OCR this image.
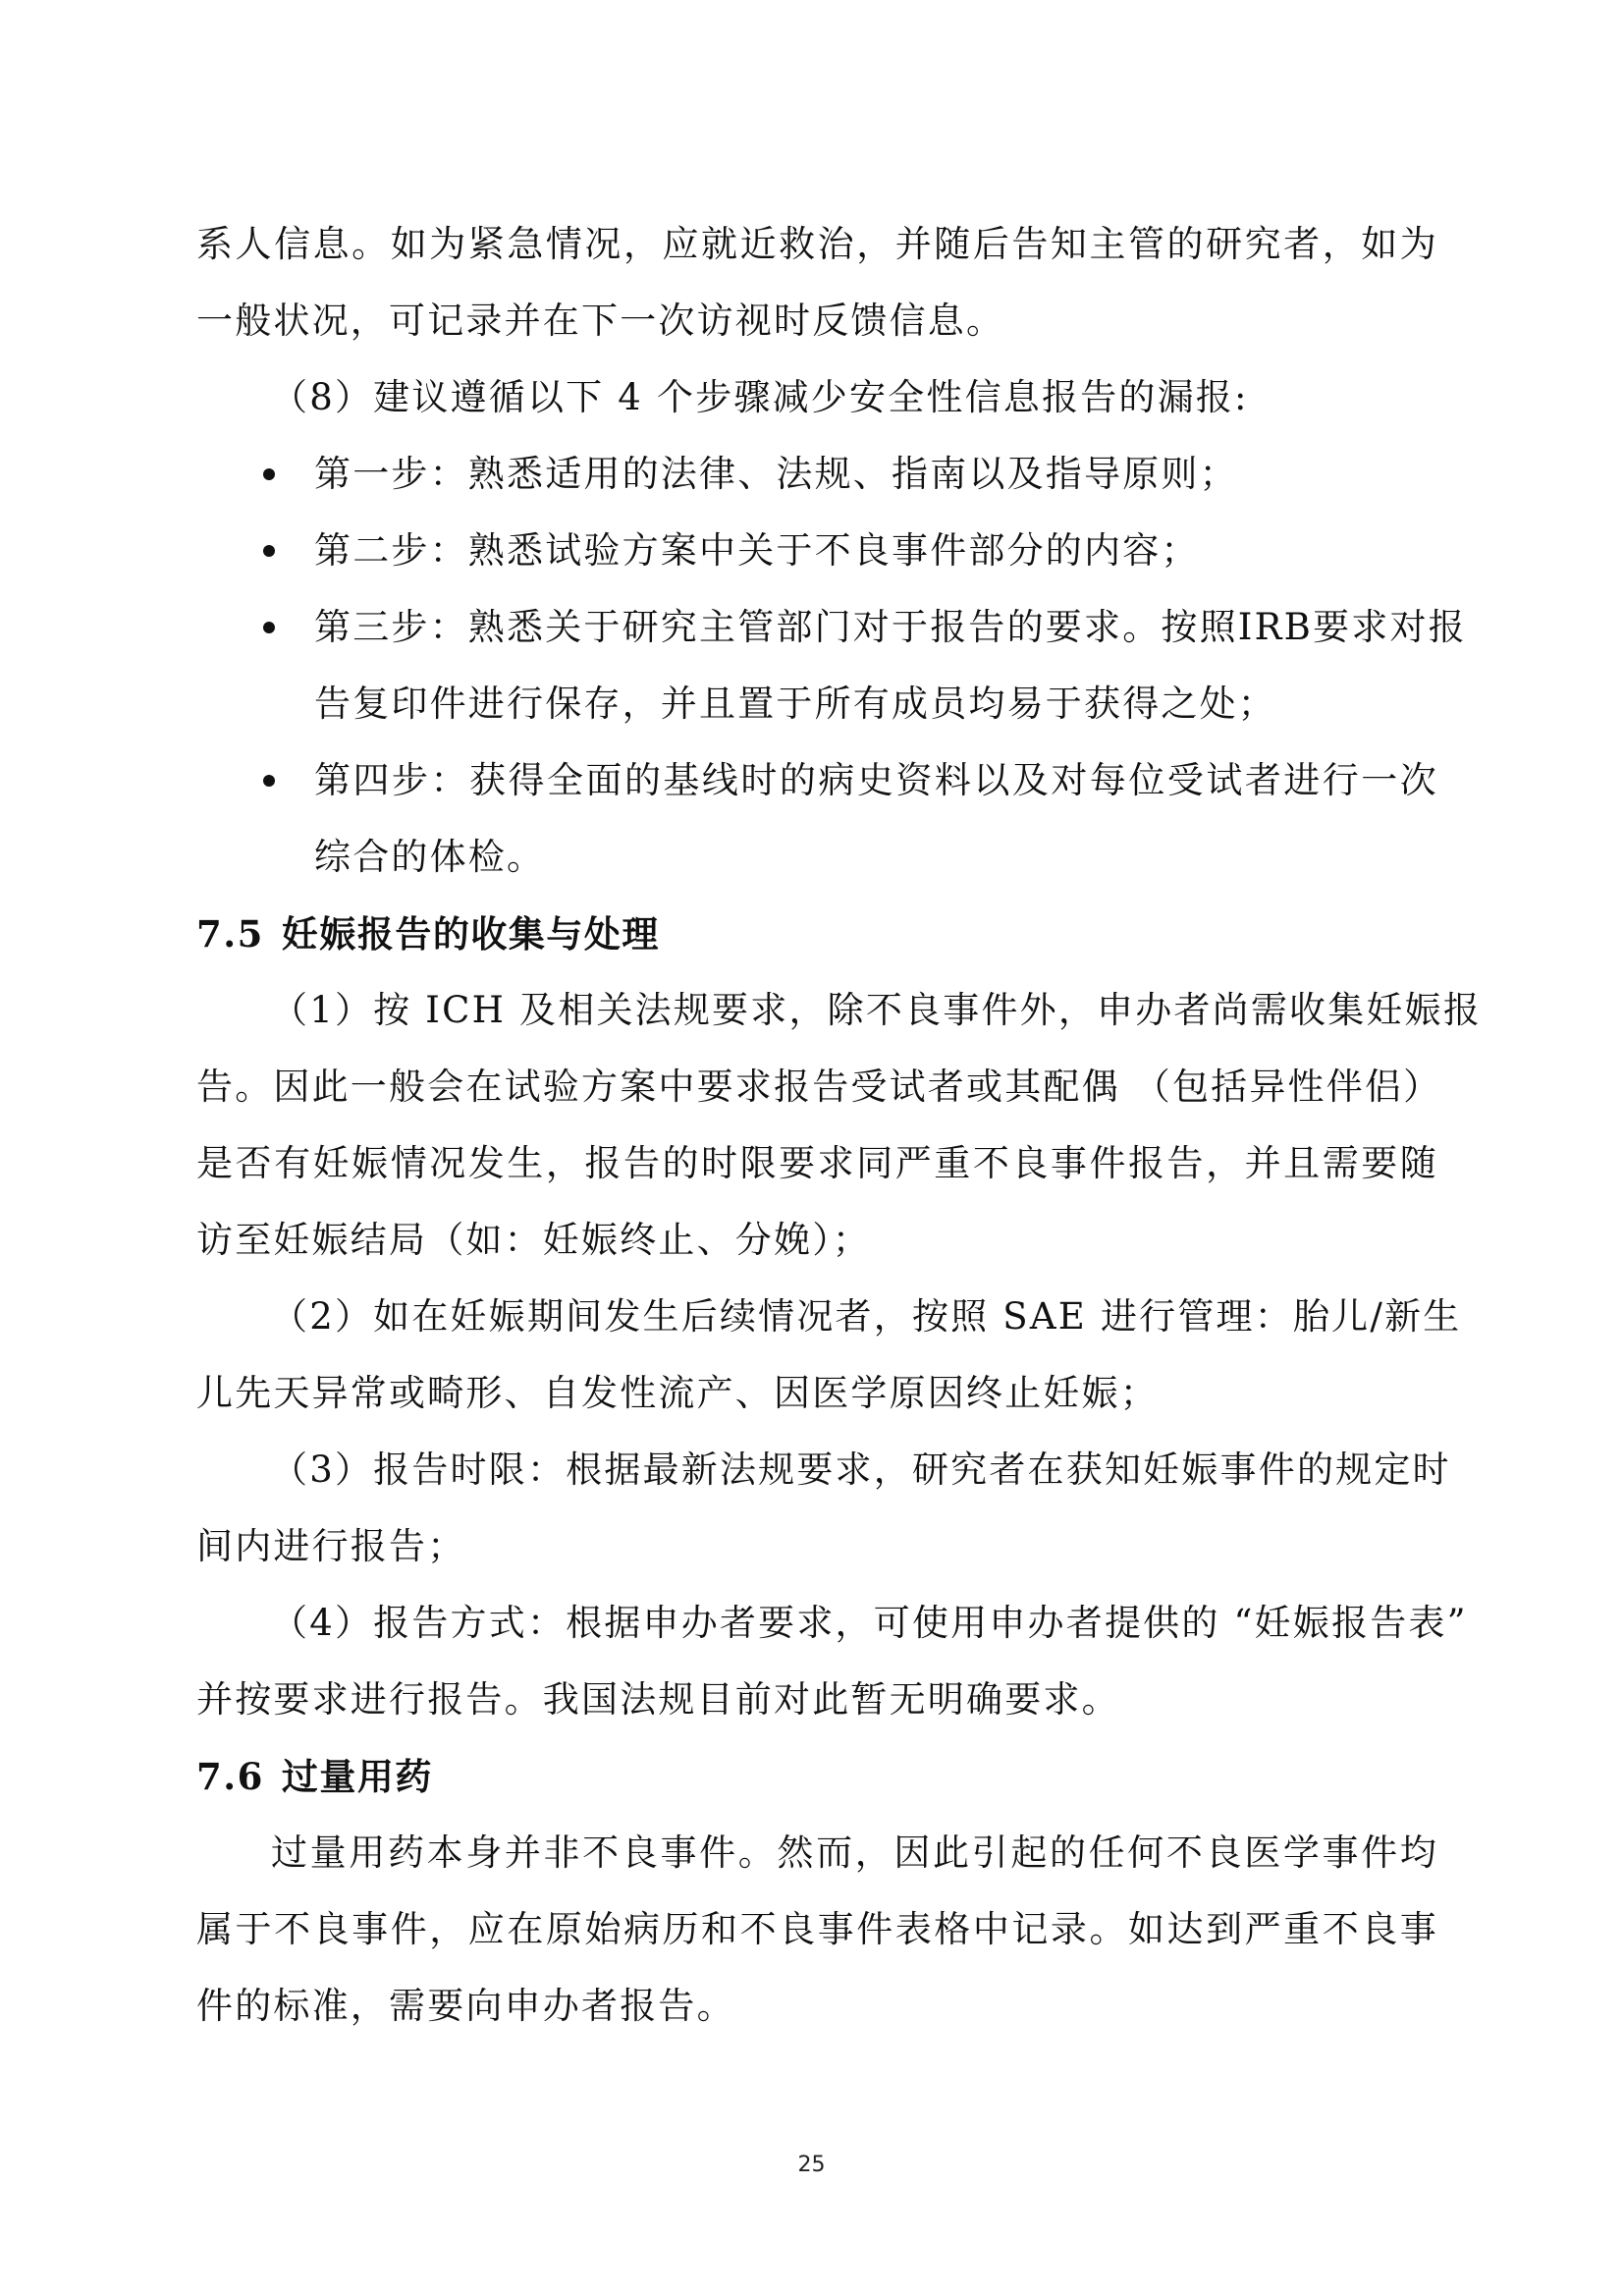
系人信息。如为紧急情况，应就近救治，并随后告知主管的研究者，如为
一般状况，可记录并在下一次访视时反馈信息。
（8）建议遵循以下 4 个步骤减少安全性信息报告的漏报:
第一步：熟悉适用的法律、法规、指南以及指导原则；
第二步：熟悉试验方案中关于不良事件部分的内容；
第三步：熟悉关于研究主管部门对于报告的要求。按照IRB要求对报
告复印件进行保存，并且置于所有成员均易于获得之处；
第四步：获得全面的基线时的病史资料以及对每位受试者进行一次
综合的体检。
7.5 妊娠报告的收集与处理
（1）按 ICH 及相关法规要求，除不良事件外，申办者尚需收集妊娠报
告。因此一般会在试验方案中要求报告受试者或其配偶 （包括异性伴侣）
是否有妊娠情况发生，报告的时限要求同严重不良事件报告，并且需要随
访至妊娠结局（如：妊娠终止、分娩）；
（2）如在妊娠期间发生后续情况者，按照 SAE 进行管理：胎儿/新生
儿先天异常或畸形、自发性流产、因医学原因终止妊娠；
（3）报告时限：根据最新法规要求，研究者在获知妊娠事件的规定时
间内进行报告；
（4）报告方式：根据申办者要求，可使用申办者提供的 “妊娠报告表”
并按要求进行报告。我国法规目前对此暂无明确要求。
7.6 过量用药
过量用药本身并非不良事件。然而，因此引起的任何不良医学事件均
属于不良事件，应在原始病历和不良事件表格中记录。如达到严重不良事
件的标准，需要向申办者报告。
25
